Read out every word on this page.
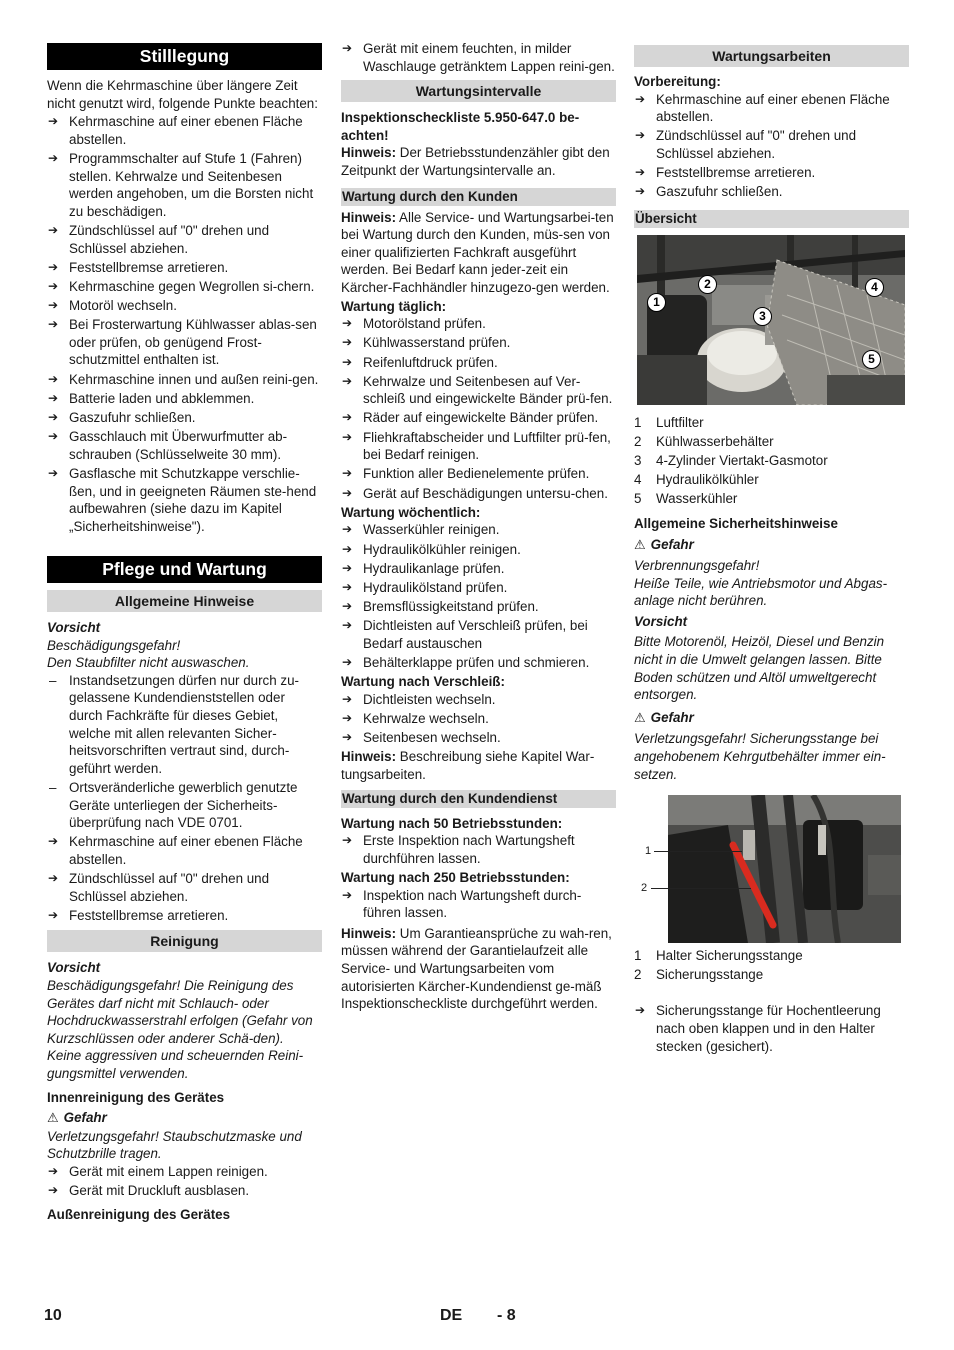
Stilllegung

Wenn die Kehrmaschine über längere Zeit nicht genutzt wird, folgende Punkte beachten:

➔ Kehrmaschine auf einer ebenen Fläche abstellen.
➔ Programmschalter auf Stufe 1 (Fahren) stellen. Kehrwalze und Seitenbesen werden angehoben, um die Borsten nicht zu beschädigen.
➔ Zündschlüssel auf "0" drehen und Schlüssel abziehen.
➔ Feststellbremse arretieren.
➔ Kehrmaschine gegen Wegrollen si-chern.
➔ Motoröl wechseln.
➔ Bei Frosterwartung Kühlwasser ablas-sen oder prüfen, ob genügend Frost-schutzmittel enthalten ist.
➔ Kehrmaschine innen und außen reini-gen.
➔ Batterie laden und abklemmen.
➔ Gaszufuhr schließen.
➔ Gasschlauch mit Überwurfmutter ab-schrauben (Schlüsselweite 30 mm).
➔ Gasflasche mit Schutzkappe verschlie-ßen, und in geeigneten Räumen ste-hend aufbewahren (siehe dazu im Kapitel „Sicherheitshinweise").
Pflege und Wartung
Allgemeine Hinweise

Vorsicht

Beschädigungsgefahr!
Den Staubfilter nicht auswaschen.
– Instandsetzungen dürfen nur durch zu-gelassene Kundendienststellen oder durch Fachkräfte für dieses Gebiet, welche mit allen relevanten Sicher-heitsvorschriften vertraut sind, durch-geführt werden.
– Ortsveränderliche gewerblich genutzte Geräte unterliegen der Sicherheits-überprüfung nach VDE 0701.
➔ Kehrmaschine auf einer ebenen Fläche abstellen.
➔ Zündschlüssel auf "0" drehen und Schlüssel abziehen.
➔ Feststellbremse arretieren.
Reinigung

Vorsicht

Beschädigungsgefahr! Die Reinigung des Gerätes darf nicht mit Schlauch- oder Hochdruckwasserstrahl erfolgen (Gefahr von Kurzschlüssen oder anderer Schä-den).

Keine aggressiven und scheuernden Reini-gungsmittel verwenden.

Innenreinigung des Gerätes

⚠ Gefahr

Verletzungsgefahr! Staubschutzmaske und Schutzbrille tragen.

➔ Gerät mit einem Lappen reinigen.
➔ Gerät mit Druckluft ausblasen.

Außenreinigung des Gerätes

➔ Gerät mit einem feuchten, in milder Waschlauge getränktem Lappen reini-gen.
Wartungsintervalle

Inspektionscheckliste 5.950-647.0 be-achten!

Hinweis: Der Betriebsstundenzähler gibt den Zeitpunkt der Wartungsintervalle an.

Wartung durch den Kunden

Hinweis: Alle Service- und Wartungsarbei-ten bei Wartung durch den Kunden, müs-sen von einer qualifizierten Fachkraft ausgeführt werden. Bei Bedarf kann jeder-zeit ein Kärcher-Fachhändler hinzugezo-gen werden.

Wartung täglich:

➔ Motorölstand prüfen.
➔ Kühlwasserstand prüfen.
➔ Reifenluftdruck prüfen.
➔ Kehrwalze und Seitenbesen auf Ver-schleiß und eingewickelte Bänder prü-fen.
➔ Räder auf eingewickelte Bänder prüfen.
➔ Fliehkraftabscheider und Luftfilter prü-fen, bei Bedarf reinigen.
➔ Funktion aller Bedienelemente prüfen.
➔ Gerät auf Beschädigungen untersu-chen.

Wartung wöchentlich:

➔ Wasserkühler reinigen.
➔ Hydraulikölkühler reinigen.
➔ Hydraulikanlage prüfen.
➔ Hydraulikölstand prüfen.
➔ Bremsflüssigkeitstand prüfen.
➔ Dichtleisten auf Verschleiß prüfen, bei Bedarf austauschen
➔ Behälterklappe prüfen und schmieren.

Wartung nach Verschleiß:

➔ Dichtleisten wechseln.
➔ Kehrwalze wechseln.
➔ Seitenbesen wechseln.

Hinweis: Beschreibung siehe Kapitel War-tungsarbeiten.

Wartung durch den Kundendienst

Wartung nach 50 Betriebsstunden:

➔ Erste Inspektion nach Wartungsheft durchführen lassen.

Wartung nach 250 Betriebsstunden:

➔ Inspektion nach Wartungsheft durch-führen lassen.

Hinweis: Um Garantieansprüche zu wah-ren, müssen während der Garantielaufzeit alle Service- und Wartungsarbeiten vom autorisierten Kärcher-Kundendienst ge-mäß Inspektionscheckliste durchgeführt werden.

Wartungsarbeiten

Vorbereitung:

➔ Kehrmaschine auf einer ebenen Fläche abstellen.
➔ Zündschlüssel auf "0" drehen und Schlüssel abziehen.
➔ Feststellbremse arretieren.
➔ Gaszufuhr schließen.
Übersicht
1
2
3
4
5
1 Luftfilter
2 Kühlwasserbehälter
3 4-Zylinder Viertakt-Gasmotor
4 Hydraulikölkühler
5 Wasserkühler

Allgemeine Sicherheitshinweise

⚠ Gefahr

Verbrennungsgefahr!

Heiße Teile, wie Antriebsmotor und Abgas-anlage nicht berühren.

Vorsicht

Bitte Motorenöl, Heizöl, Diesel und Benzin nicht in die Umwelt gelangen lassen. Bitte Boden schützen und Altöl umweltgerecht entsorgen.

⚠ Gefahr

Verletzungsgefahr! Sicherungsstange bei angehobenem Kehrgutbehälter immer ein-setzen.

1
2
1 Halter Sicherungsstange
2 Sicherungsstange
➔ Sicherungsstange für Hochentleerung nach oben klappen und in den Halter stecken (gesichert).
10	DE - 8
